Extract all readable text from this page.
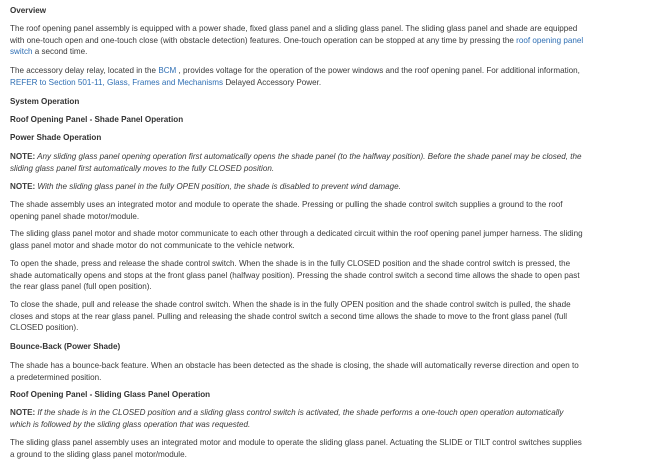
Overview

The roof opening panel assembly is equipped with a power shade, fixed glass panel and a sliding glass panel. The sliding glass panel and shade are equipped with one-touch open and one-touch close (with obstacle detection) features. One-touch operation can be stopped at any time by pressing the roof opening panel switch a second time.

The accessory delay relay, located in the BCM , provides voltage for the operation of the power windows and the roof opening panel. For additional information, REFER to Section 501-11, Glass, Frames and Mechanisms Delayed Accessory Power.

System Operation
Roof Opening Panel - Shade Panel Operation
Power Shade Operation

NOTE: Any sliding glass panel opening operation first automatically opens the shade panel (to the halfway position). Before the shade panel may be closed, the sliding glass panel first automatically moves to the fully CLOSED position.

NOTE: With the sliding glass panel in the fully OPEN position, the shade is disabled to prevent wind damage.

The shade assembly uses an integrated motor and module to operate the shade. Pressing or pulling the shade control switch supplies a ground to the roof opening panel shade motor/module.

The sliding glass panel motor and shade motor communicate to each other through a dedicated circuit within the roof opening panel jumper harness. The sliding glass panel motor and shade motor do not communicate to the vehicle network.

To open the shade, press and release the shade control switch. When the shade is in the fully CLOSED position and the shade control switch is pressed, the shade automatically opens and stops at the front glass panel (halfway position). Pressing the shade control switch a second time allows the shade to open past the rear glass panel (full open position).

To close the shade, pull and release the shade control switch. When the shade is in the fully OPEN position and the shade control switch is pulled, the shade closes and stops at the rear glass panel. Pulling and releasing the shade control switch a second time allows the shade to move to the front glass panel (full CLOSED position).

Bounce-Back (Power Shade)

The shade has a bounce-back feature. When an obstacle has been detected as the shade is closing, the shade will automatically reverse direction and open to a predetermined position.

Roof Opening Panel - Sliding Glass Panel Operation

NOTE: If the shade is in the CLOSED position and a sliding glass control switch is activated, the shade performs a one-touch open operation automatically which is followed by the sliding glass operation that was requested.

The sliding glass panel assembly uses an integrated motor and module to operate the sliding glass panel. Actuating the SLIDE or TILT control switches supplies a ground to the sliding glass panel motor/module.
